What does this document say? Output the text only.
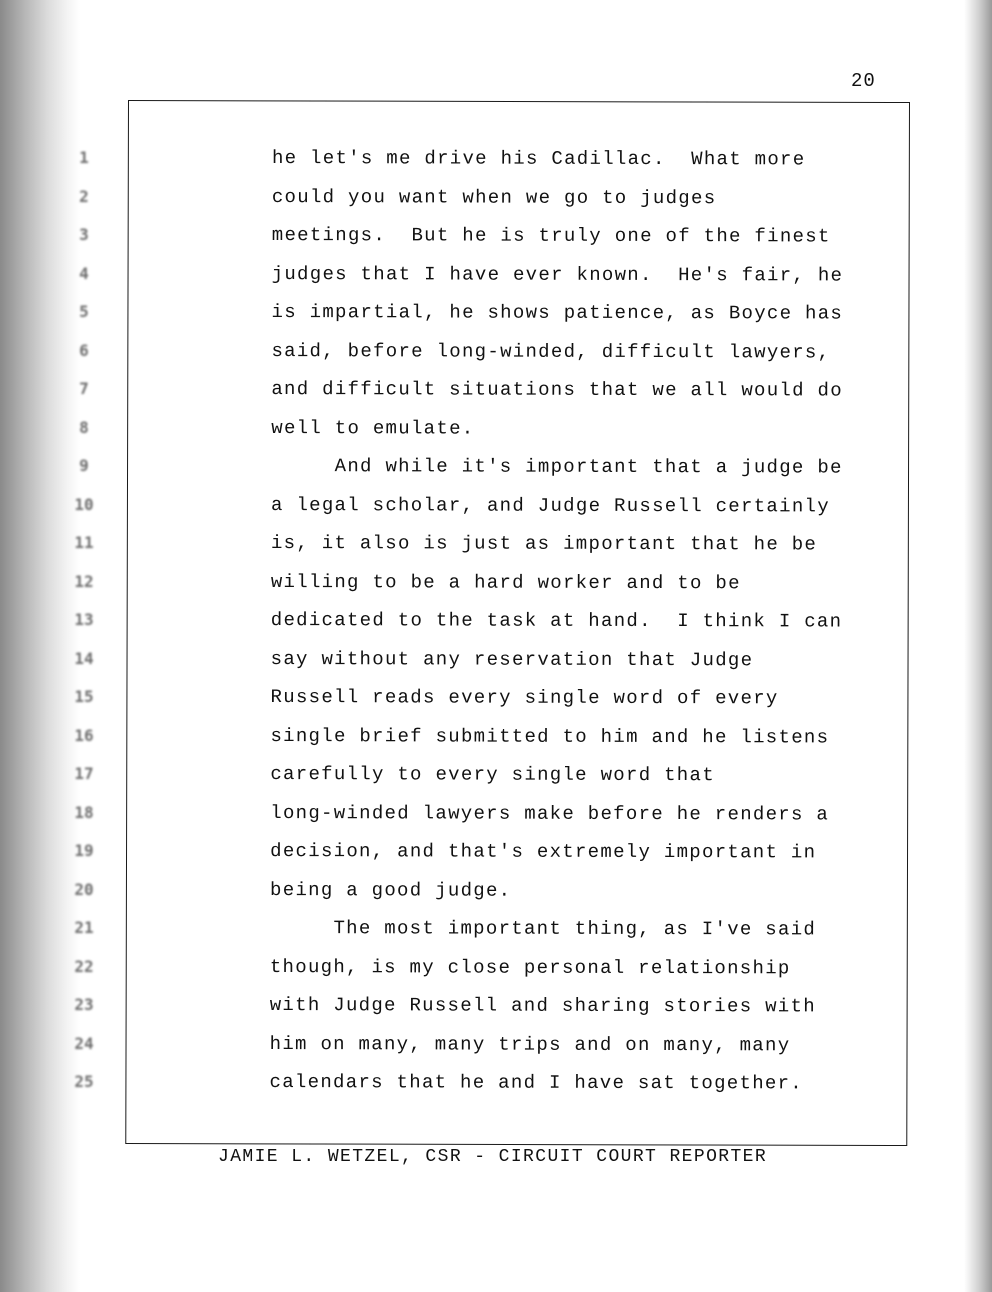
20
1
2
3
4
5
6
7
8
9
10
11
12
13
14
15
16
17
18
19
20
21
22
23
24
25
he let's me drive his Cadillac.  What more
could you want when we go to judges
meetings.  But he is truly one of the finest
judges that I have ever known.  He's fair, he
is impartial, he shows patience, as Boyce has
said, before long-winded, difficult lawyers,
and difficult situations that we all would do
well to emulate.
And while it's important that a judge be
a legal scholar, and Judge Russell certainly
is, it also is just as important that he be
willing to be a hard worker and to be
dedicated to the task at hand.  I think I can
say without any reservation that Judge
Russell reads every single word of every
single brief submitted to him and he listens
carefully to every single word that
long-winded lawyers make before he renders a
decision, and that's extremely important in
being a good judge.
The most important thing, as I've said
though, is my close personal relationship
with Judge Russell and sharing stories with
him on many, many trips and on many, many
calendars that he and I have sat together.
JAMIE L. WETZEL, CSR - CIRCUIT COURT REPORTER
